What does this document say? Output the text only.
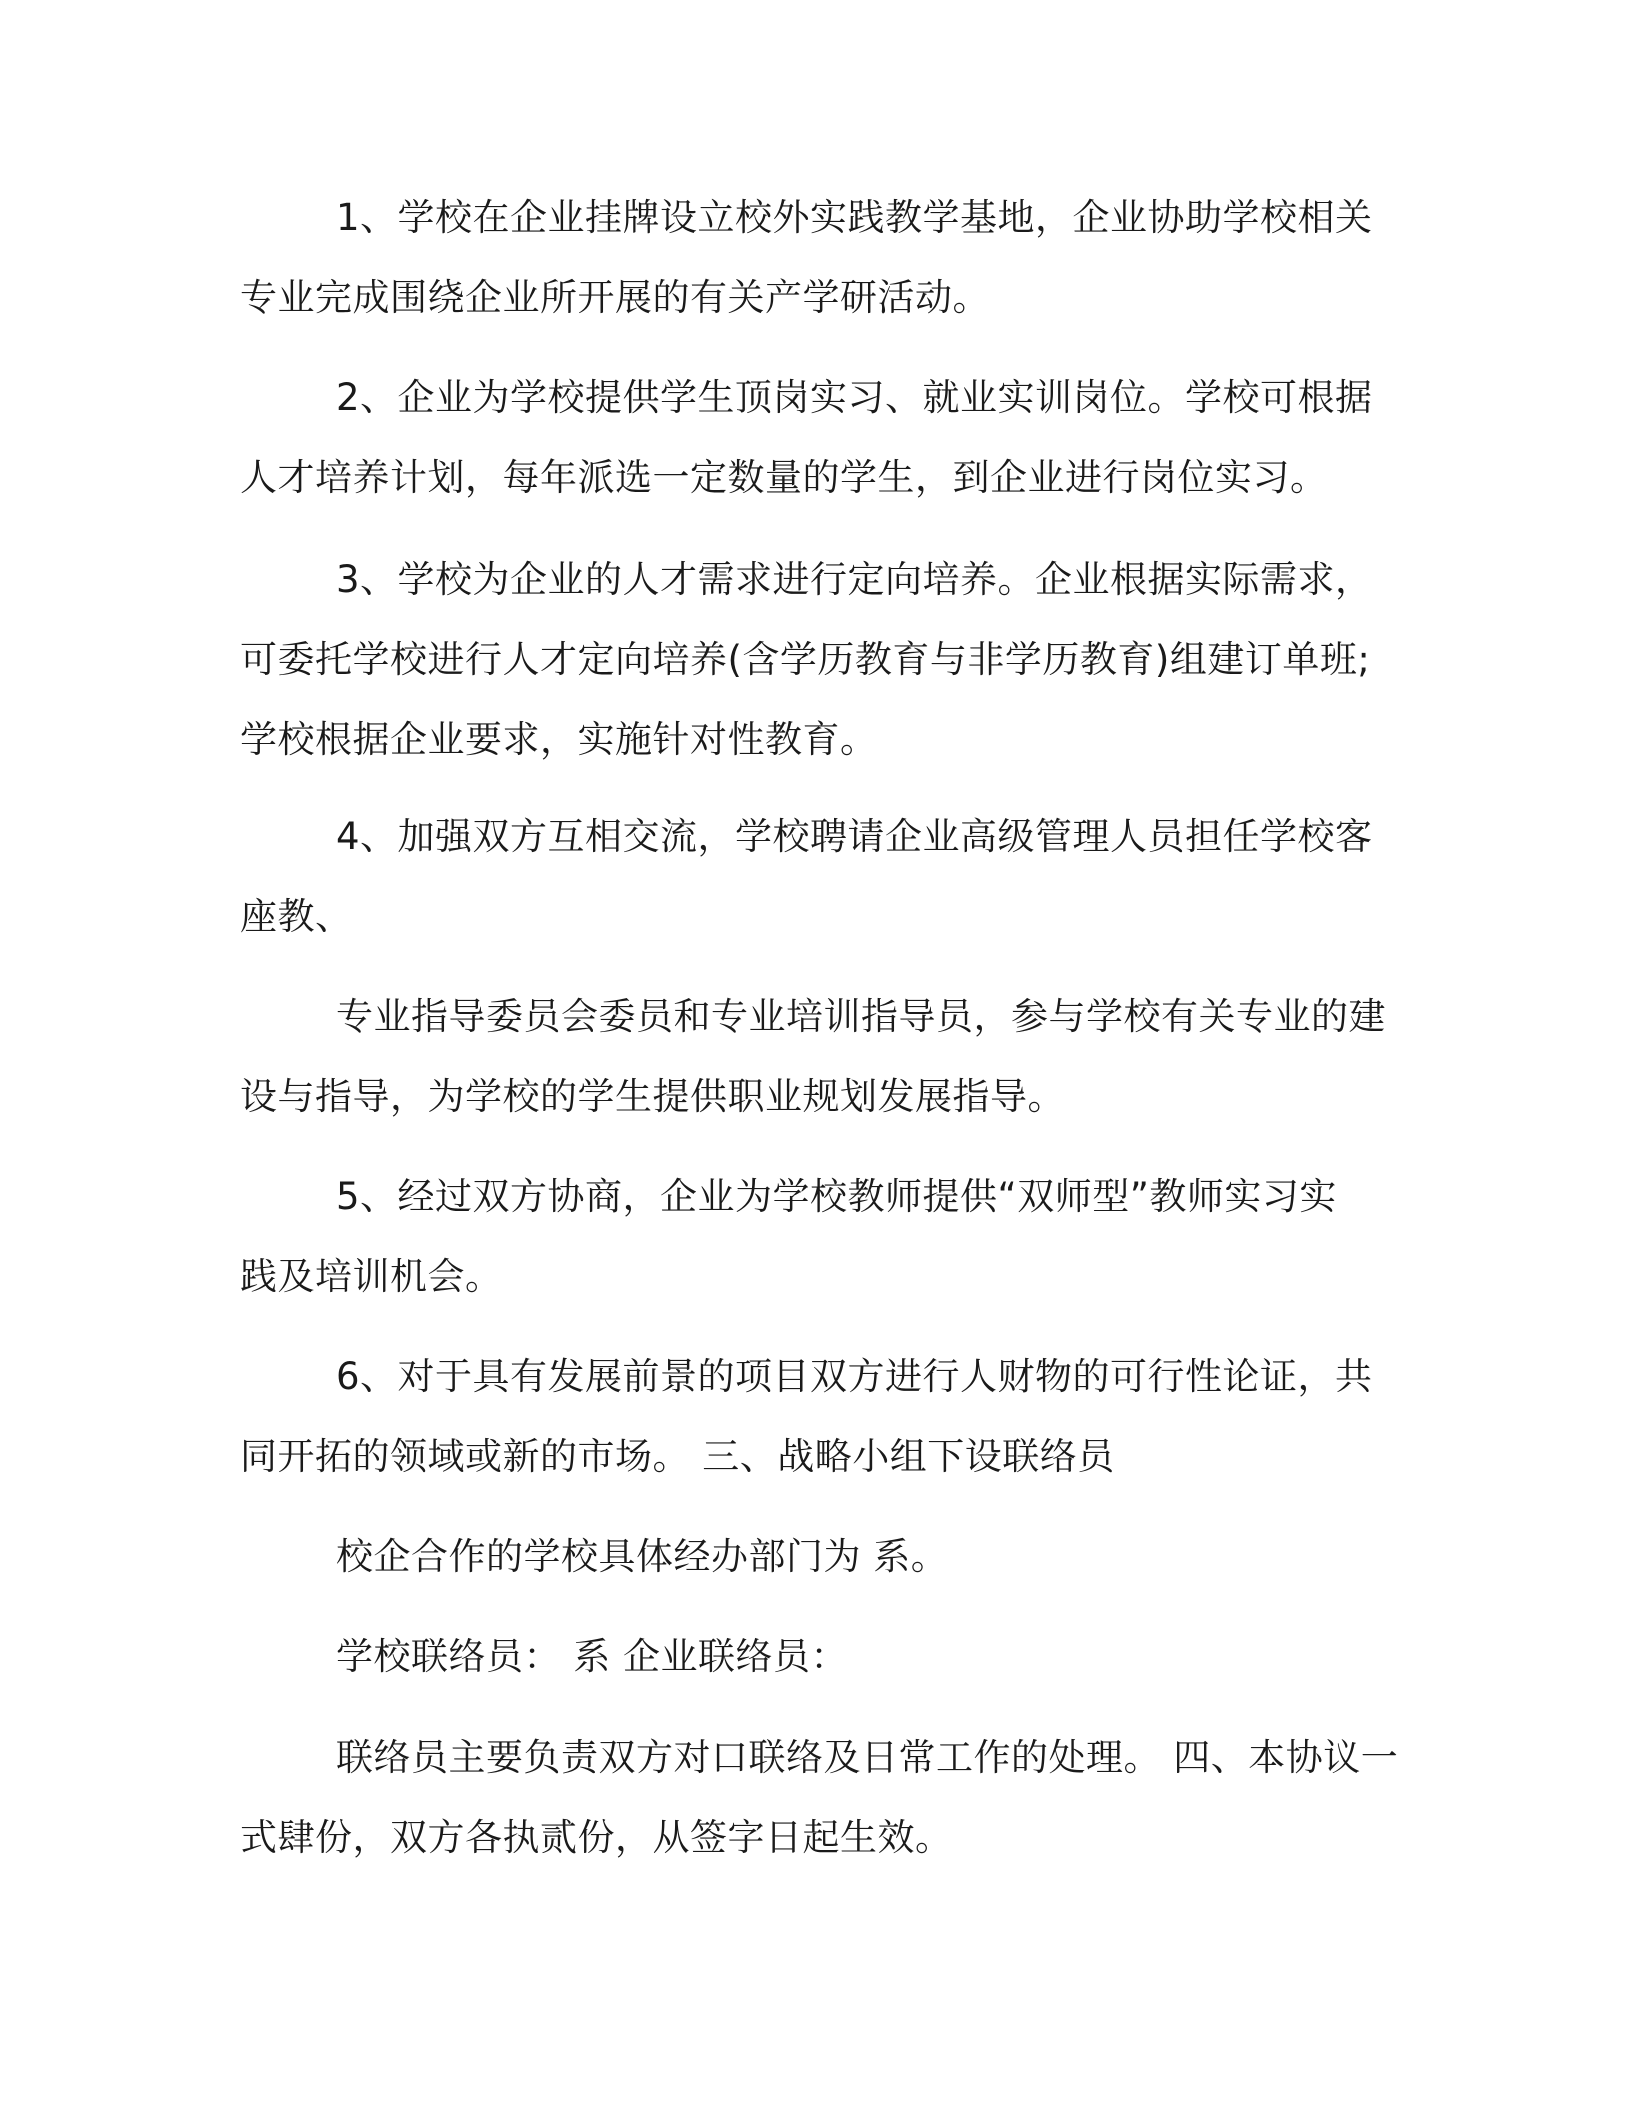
1、学校在企业挂牌设立校外实践教学基地，企业协助学校相关
专业完成围绕企业所开展的有关产学研活动。
2、企业为学校提供学生顶岗实习、就业实训岗位。学校可根据
人才培养计划，每年派选一定数量的学生，到企业进行岗位实习。
3、学校为企业的人才需求进行定向培养。企业根据实际需求，
可委托学校进行人才定向培养(含学历教育与非学历教育)组建订单班;
学校根据企业要求，实施针对性教育。
4、加强双方互相交流，学校聘请企业高级管理人员担任学校客
座教、
专业指导委员会委员和专业培训指导员，参与学校有关专业的建
设与指导，为学校的学生提供职业规划发展指导。
5、经过双方协商，企业为学校教师提供“双师型”教师实习实
践及培训机会。
6、对于具有发展前景的项目双方进行人财物的可行性论证，共
同开拓的领域或新的市场。 三、战略小组下设联络员
校企合作的学校具体经办部门为 系。
学校联络员： 系 企业联络员：
联络员主要负责双方对口联络及日常工作的处理。 四、本协议一
式肆份，双方各执贰份，从签字日起生效。
